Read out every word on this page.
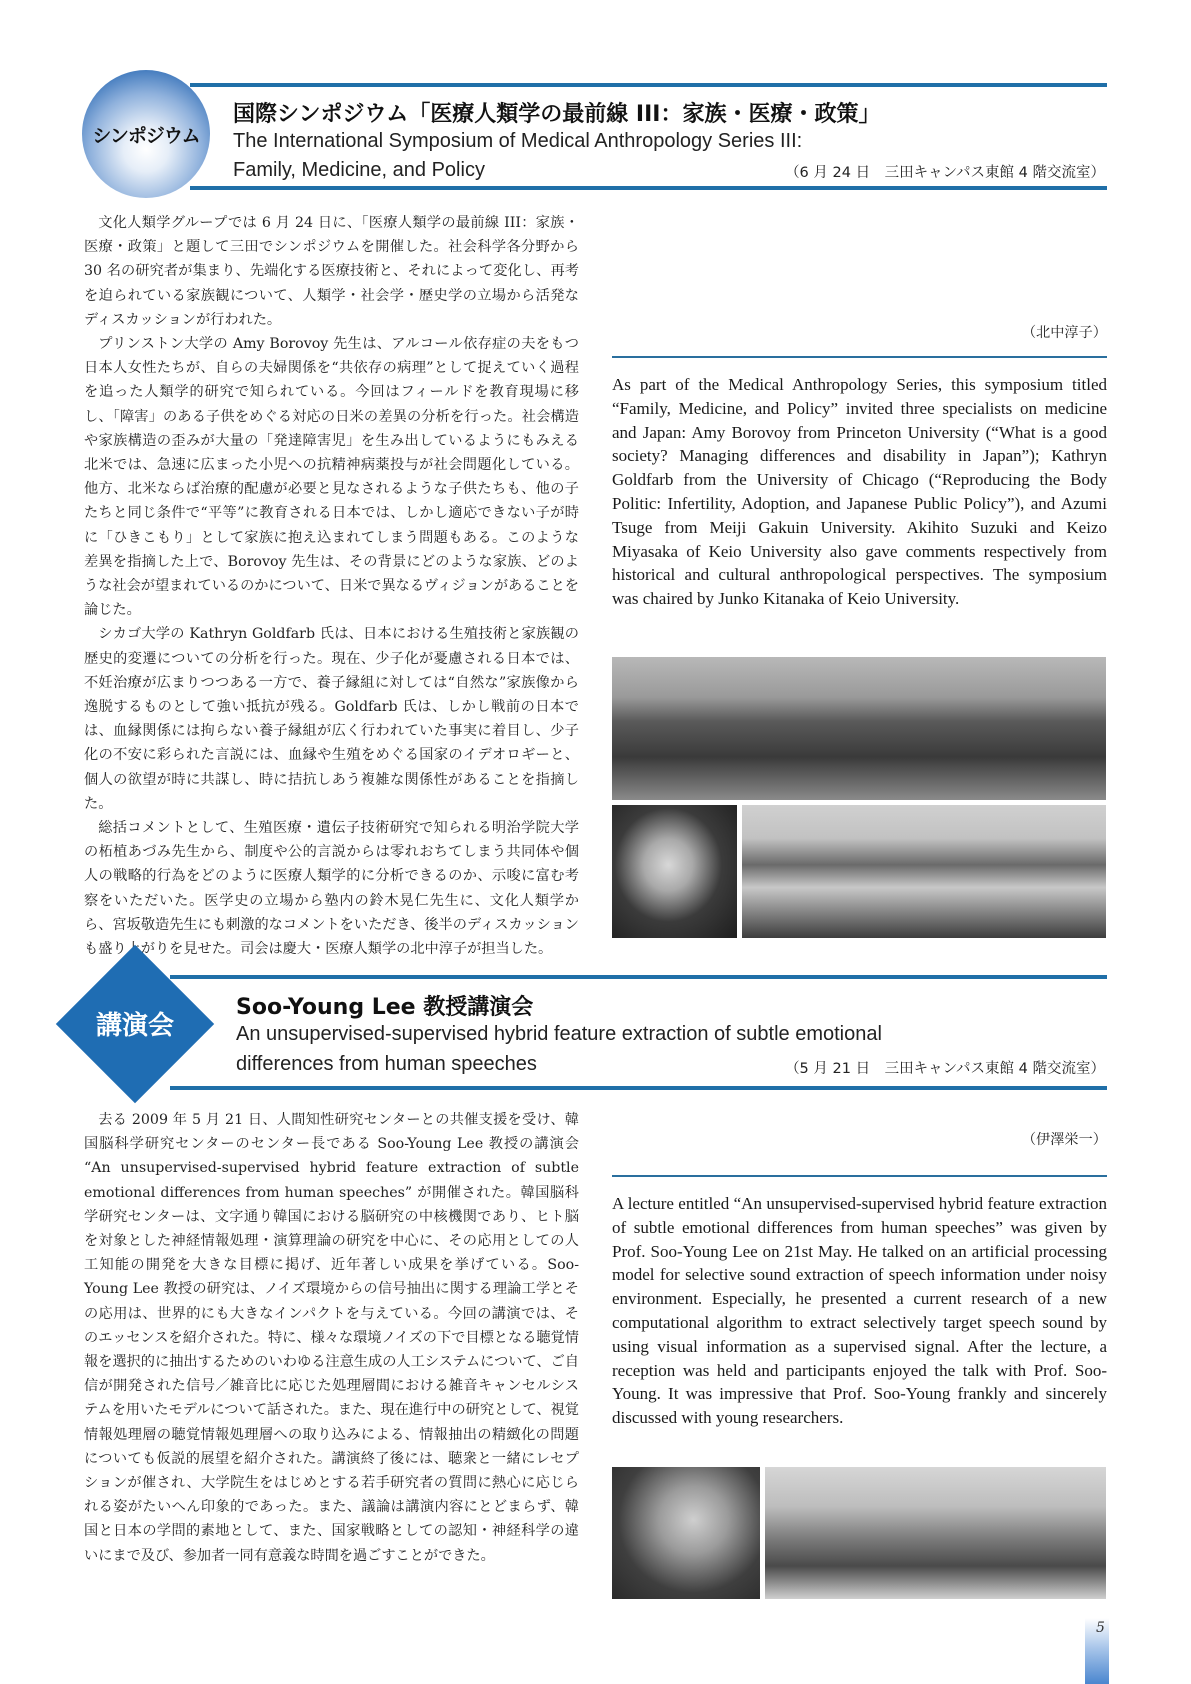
シンポジウム
国際シンポジウム「医療人類学の最前線 III：家族・医療・政策」
The International Symposium of Medical Anthropology Series III:
Family, Medicine, and Policy	（6 月 24 日　三田キャンパス東館 4 階交流室）

文化人類学グループでは 6 月 24 日に、「医療人類学の最前線 III：家族・医療・政策」と題して三田でシンポジウムを開催した。社会科学各分野から 30 名の研究者が集まり、先端化する医療技術と、それによって変化し、再考を迫られている家族観について、人類学・社会学・歴史学の立場から活発なディスカッションが行われた。

プリンストン大学の Amy Borovoy 先生は、アルコール依存症の夫をもつ日本人女性たちが、自らの夫婦関係を“共依存の病理”として捉えていく過程を追った人類学的研究で知られている。今回はフィールドを教育現場に移し、「障害」のある子供をめぐる対応の日米の差異の分析を行った。社会構造や家族構造の歪みが大量の「発達障害児」を生み出しているようにもみえる北米では、急速に広まった小児への抗精神病薬投与が社会問題化している。他方、北米ならば治療的配慮が必要と見なされるような子供たちも、他の子たちと同じ条件で“平等”に教育される日本では、しかし適応できない子が時に「ひきこもり」として家族に抱え込まれてしまう問題もある。このような差異を指摘した上で、Borovoy 先生は、その背景にどのような家族、どのような社会が望まれているのかについて、日米で異なるヴィジョンがあることを論じた。

シカゴ大学の Kathryn Goldfarb 氏は、日本における生殖技術と家族観の歴史的変遷についての分析を行った。現在、少子化が憂慮される日本では、不妊治療が広まりつつある一方で、養子縁組に対しては“自然な”家族像から逸脱するものとして強い抵抗が残る。Goldfarb 氏は、しかし戦前の日本では、血縁関係には拘らない養子縁組が広く行われていた事実に着目し、少子化の不安に彩られた言説には、血縁や生殖をめぐる国家のイデオロギーと、個人の欲望が時に共謀し、時に拮抗しあう複雑な関係性があることを指摘した。

総括コメントとして、生殖医療・遺伝子技術研究で知られる明治学院大学の柘植あづみ先生から、制度や公的言説からは零れおちてしまう共同体や個人の戦略的行為をどのように医療人類学的に分析できるのか、示唆に富む考察をいただいた。医学史の立場から塾内の鈴木晃仁先生に、文化人類学から、宮坂敬造先生にも刺激的なコメントをいただき、後半のディスカッションも盛り上がりを見せた。司会は慶大・医療人類学の北中淳子が担当した。

（北中淳子）

As part of the Medical Anthropology Series, this symposium titled “Family, Medicine, and Policy” invited three specialists on medicine and Japan: Amy Borovoy from Princeton University (“What is a good society? Managing differences and disability in Japan”); Kathryn Goldfarb from the University of Chicago (“Reproducing the Body Politic: Infertility, Adoption, and Japanese Public Policy”), and Azumi Tsuge from Meiji Gakuin University. Akihito Suzuki and Keizo Miyasaka of Keio University also gave comments respectively from historical and cultural anthropological perspectives. The symposium was chaired by Junko Kitanaka of Keio University.

講演会
Soo-Young Lee 教授講演会
An unsupervised-supervised hybrid feature extraction of subtle emotional
differences from human speeches	（5 月 21 日　三田キャンパス東館 4 階交流室）

去る 2009 年 5 月 21 日、人間知性研究センターとの共催支援を受け、韓国脳科学研究センターのセンター長である Soo-Young Lee 教授の講演会 “An unsupervised-supervised hybrid feature extraction of subtle emotional differences from human speeches” が開催された。韓国脳科学研究センターは、文字通り韓国における脳研究の中核機関であり、ヒト脳を対象とした神経情報処理・演算理論の研究を中心に、その応用としての人工知能の開発を大きな目標に掲げ、近年著しい成果を挙げている。Soo-Young Lee 教授の研究は、ノイズ環境からの信号抽出に関する理論工学とその応用は、世界的にも大きなインパクトを与えている。今回の講演では、そのエッセンスを紹介された。特に、様々な環境ノイズの下で目標となる聴覚情報を選択的に抽出するためのいわゆる注意生成の人工システムについて、ご自信が開発された信号／雑音比に応じた処理層間における雑音キャンセルシステムを用いたモデルについて話された。また、現在進行中の研究として、視覚情報処理層の聴覚情報処理層への取り込みによる、情報抽出の精緻化の問題についても仮説的展望を紹介された。講演終了後には、聴衆と一緒にレセプションが催され、大学院生をはじめとする若手研究者の質問に熱心に応じられる姿がたいへん印象的であった。また、議論は講演内容にとどまらず、韓国と日本の学問的素地として、また、国家戦略としての認知・神経科学の違いにまで及び、参加者一同有意義な時間を過ごすことができた。

（伊澤栄一）

A lecture entitled “An unsupervised-supervised hybrid feature extraction of subtle emotional differences from human speeches” was given by Prof. Soo-Young Lee on 21st May. He talked on an artificial processing model for selective sound extraction of speech information under noisy environment. Especially, he presented a current research of a new computational algorithm to extract selectively target speech sound by using visual information as a supervised signal. After the lecture, a reception was held and participants enjoyed the talk with Prof. Soo-Young. It was impressive that Prof. Soo-Young frankly and sincerely discussed with young researchers.

5
